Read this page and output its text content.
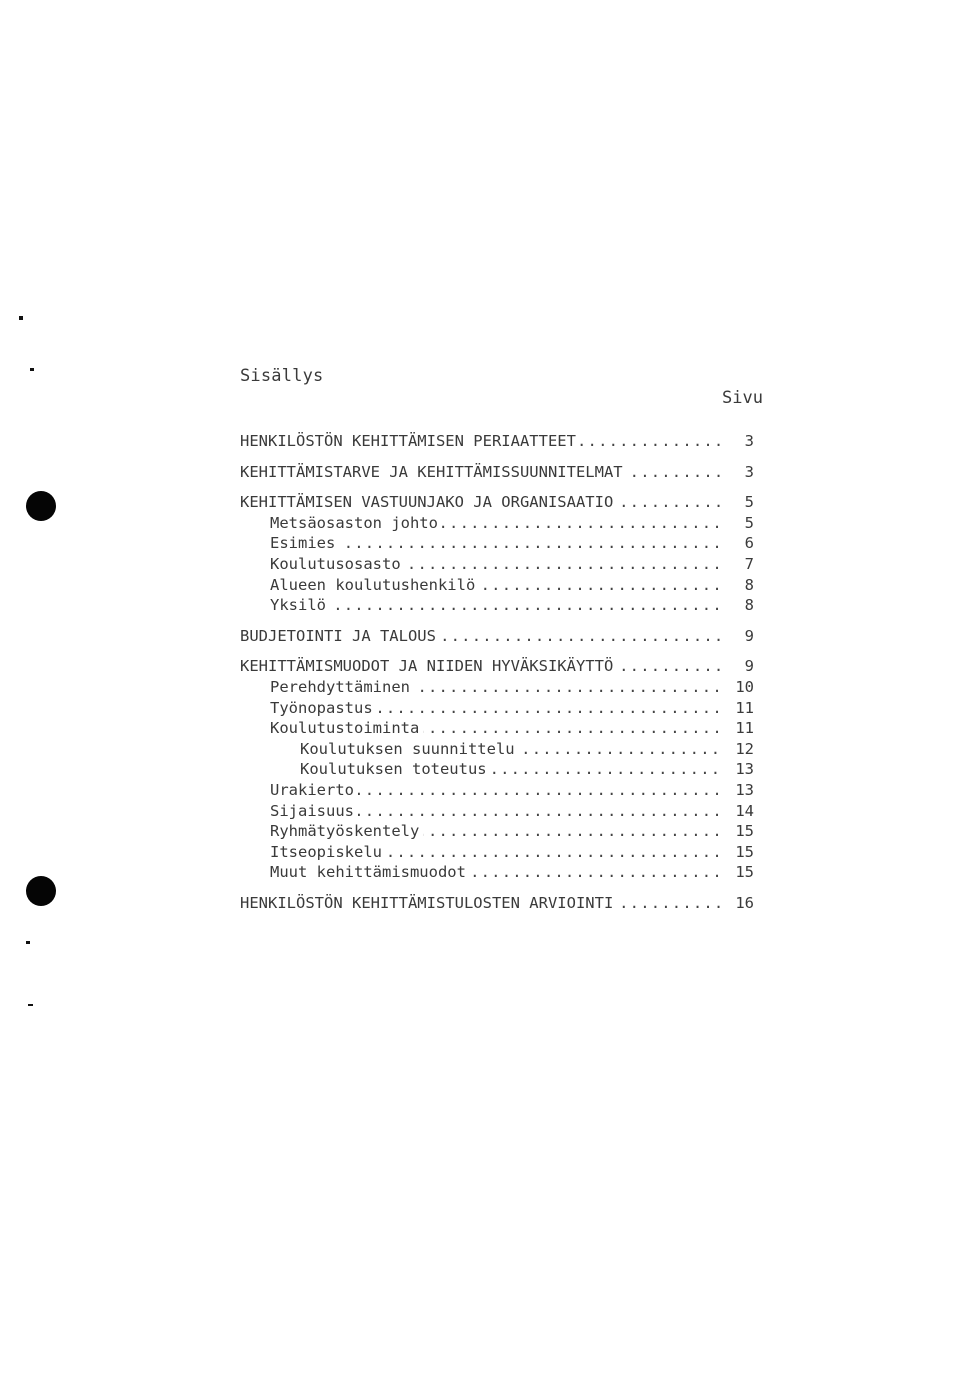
Sisällys
Sivu
.....
HENKILÖSTÖN KEHITTÄMISEN PERIAATTEET	3
.....
KEHITTÄMISTARVE JA KEHITTÄMISSUUNNITELMAT	3
.....
KEHITTÄMISEN VASTUUNJAKO JA ORGANISAATIO	5
.....
Metsäosaston johto	5
.....
Esimies	6
.....
Koulutusosasto	7
.....
Alueen koulutushenkilö	8
.....
Yksilö	8
.....
BUDJETOINTI JA TALOUS	9
.....
KEHITTÄMISMUODOT JA NIIDEN HYVÄKSIKÄYTTÖ	9
.....
Perehdyttäminen	10
.....
Työnopastus	11
.....
Koulutustoiminta	11
.....
Koulutuksen suunnittelu	12
.....
Koulutuksen toteutus	13
.....
Urakierto	13
.....
Sijaisuus	14
.....
Ryhmätyöskentely	15
.....
Itseopiskelu	15
.....
Muut kehittämismuodot	15
.....
HENKILÖSTÖN KEHITTÄMISTULOSTEN ARVIOINTI	16
